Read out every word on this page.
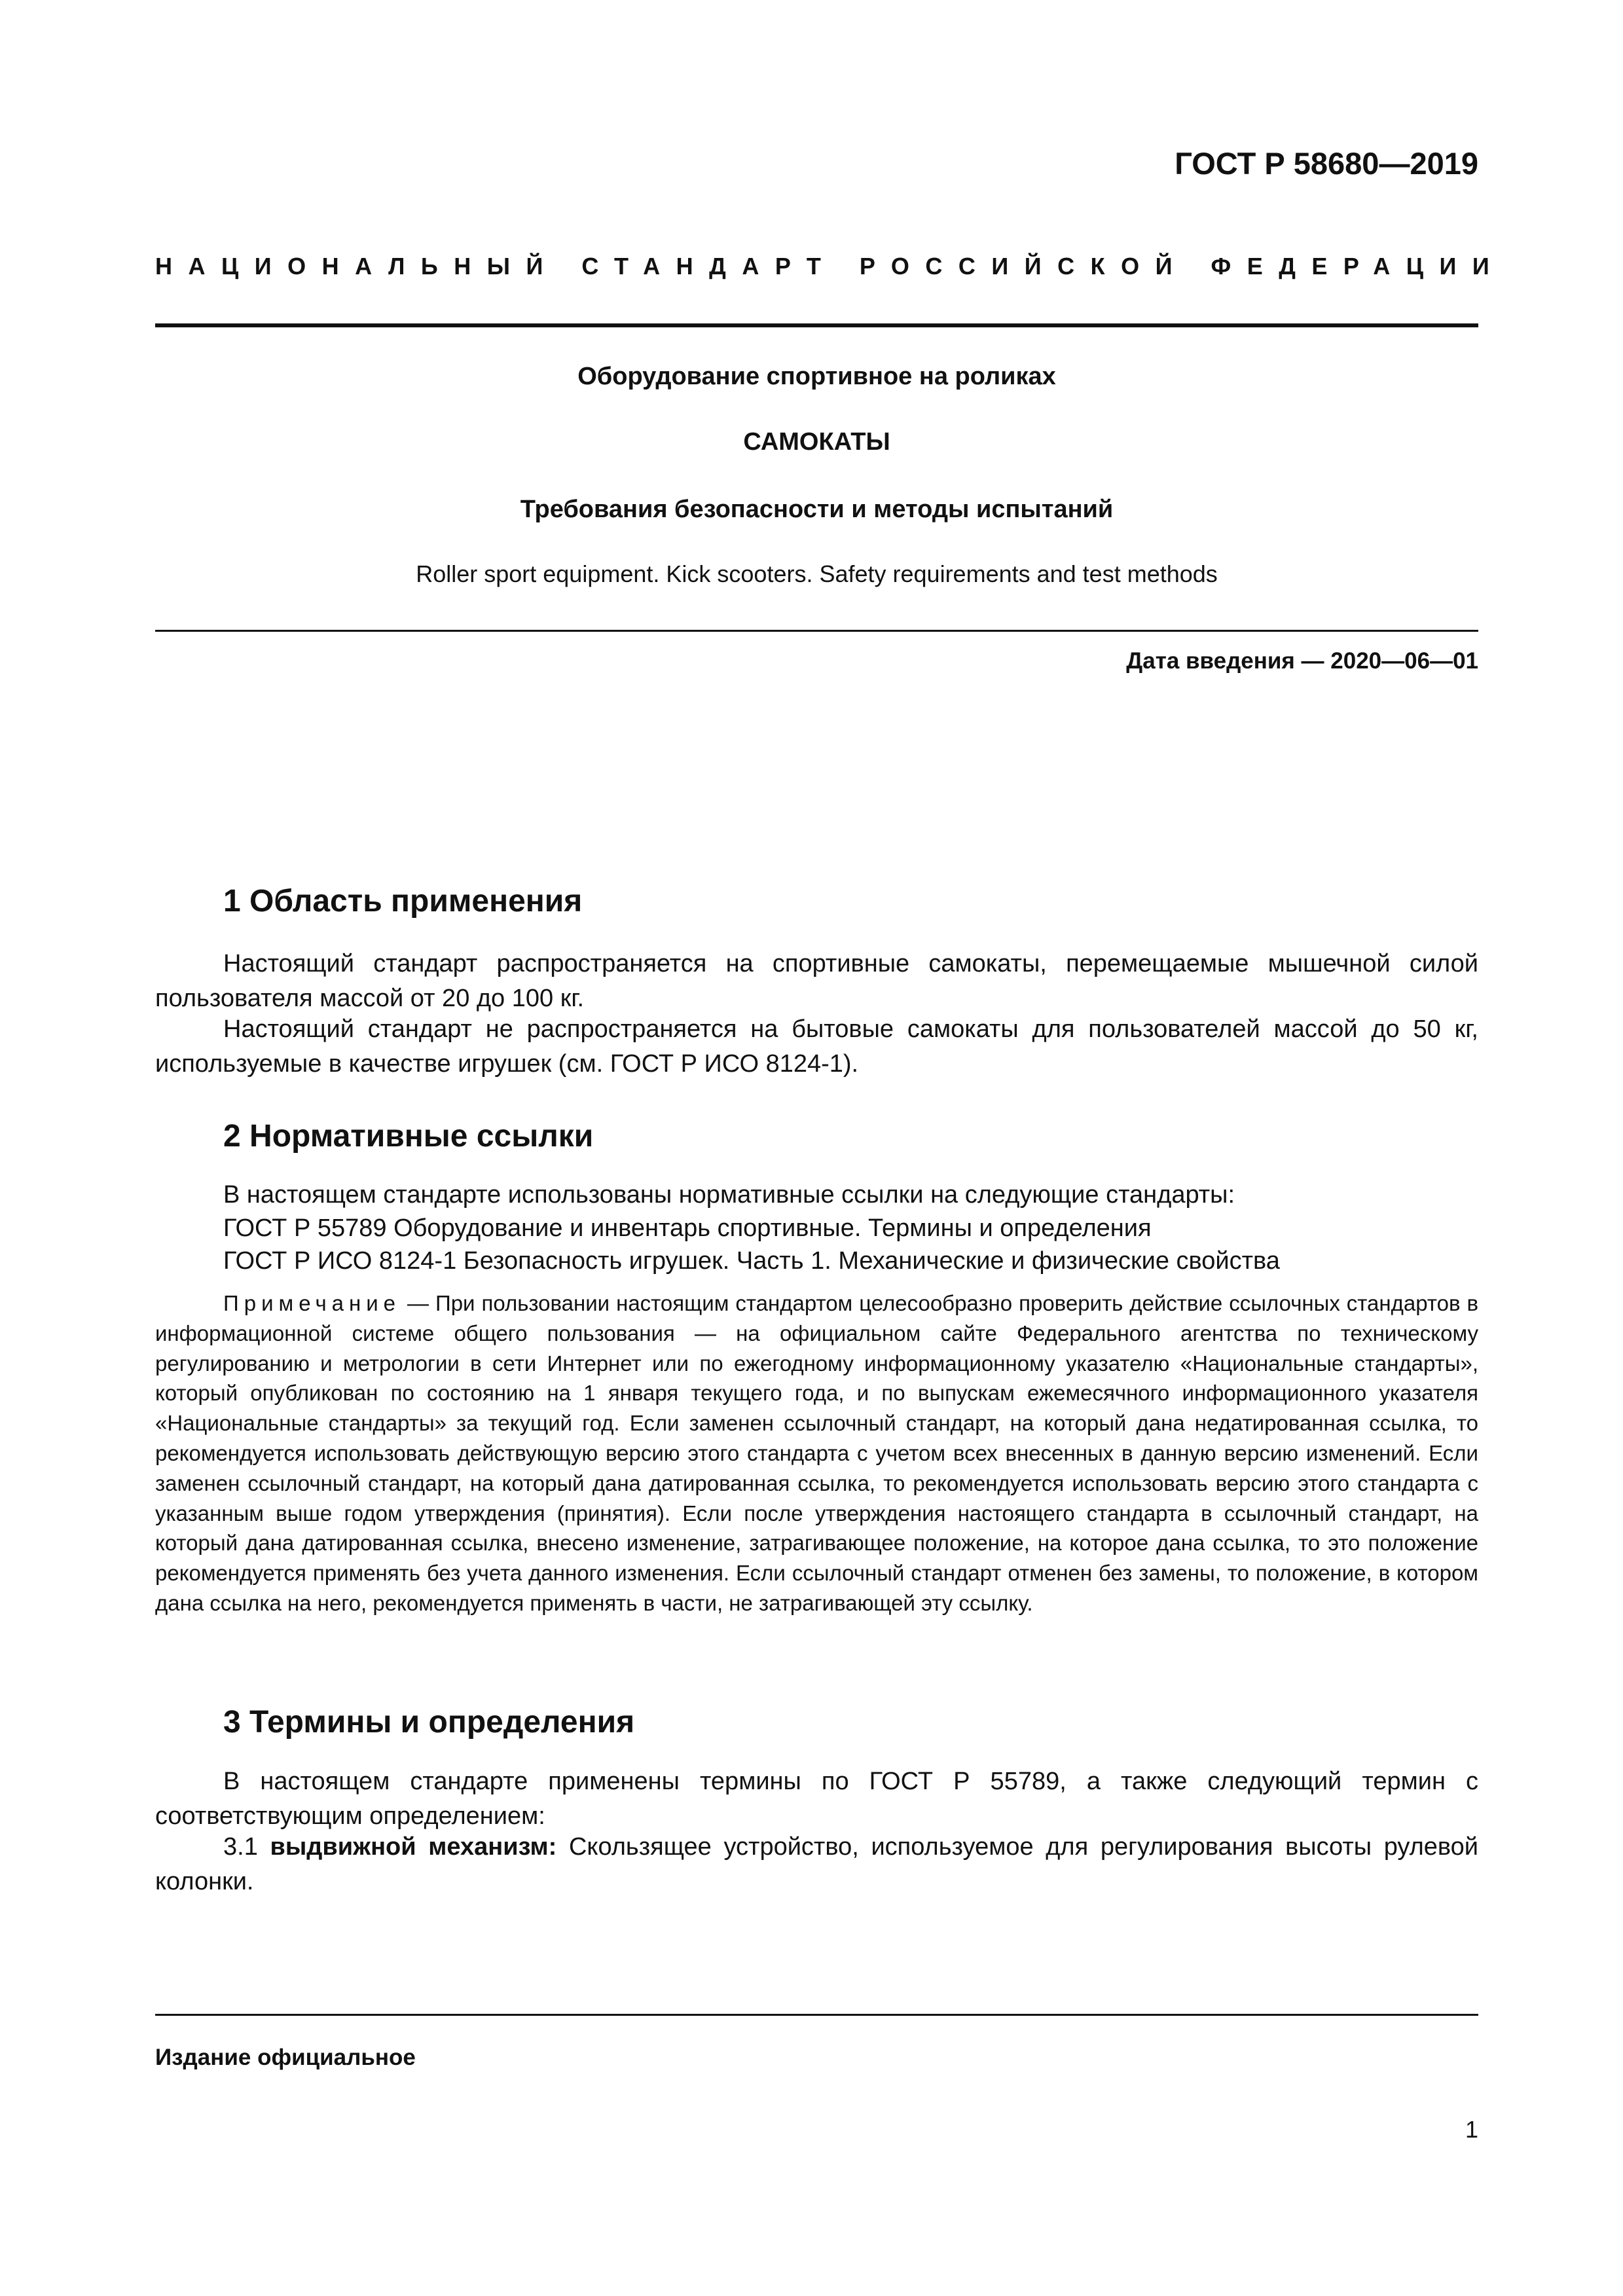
ГОСТ Р 58680—2019
НАЦИОНАЛЬНЫЙ СТАНДАРТ РОССИЙСКОЙ ФЕДЕРАЦИИ
Оборудование спортивное на роликах
САМОКАТЫ
Требования безопасности и методы испытаний
Roller sport equipment. Kick scooters. Safety requirements and test methods
Дата введения — 2020—06—01
1 Область применения
Настоящий стандарт распространяется на спортивные самокаты, перемещаемые мышечной силой пользователя массой от 20 до 100 кг.
Настоящий стандарт не распространяется на бытовые самокаты для пользователей массой до 50 кг, используемые в качестве игрушек (см. ГОСТ Р ИСО 8124-1).
2 Нормативные ссылки
В настоящем стандарте использованы нормативные ссылки на следующие стандарты:
ГОСТ Р 55789 Оборудование и инвентарь спортивные. Термины и определения
ГОСТ Р ИСО 8124-1 Безопасность игрушек. Часть 1. Механические и физические свойства
Примечание — При пользовании настоящим стандартом целесообразно проверить действие ссылочных стандартов в информационной системе общего пользования — на официальном сайте Федерального агентства по техническому регулированию и метрологии в сети Интернет или по ежегодному информационному указателю «Национальные стандарты», который опубликован по состоянию на 1 января текущего года, и по выпускам ежемесячного информационного указателя «Национальные стандарты» за текущий год. Если заменен ссылочный стандарт, на который дана недатированная ссылка, то рекомендуется использовать действующую версию этого стандарта с учетом всех внесенных в данную версию изменений. Если заменен ссылочный стандарт, на который дана датированная ссылка, то рекомендуется использовать версию этого стандарта с указанным выше годом утверждения (принятия). Если после утверждения настоящего стандарта в ссылочный стандарт, на который дана датированная ссылка, внесено изменение, затрагивающее положение, на которое дана ссылка, то это положение рекомендуется применять без учета данного изменения. Если ссылочный стандарт отменен без замены, то положение, в котором дана ссылка на него, рекомендуется применять в части, не затрагивающей эту ссылку.
3 Термины и определения
В настоящем стандарте применены термины по ГОСТ Р 55789, а также следующий термин с соответствующим определением:
3.1 выдвижной механизм: Скользящее устройство, используемое для регулирования высоты рулевой колонки.
Издание официальное
1
